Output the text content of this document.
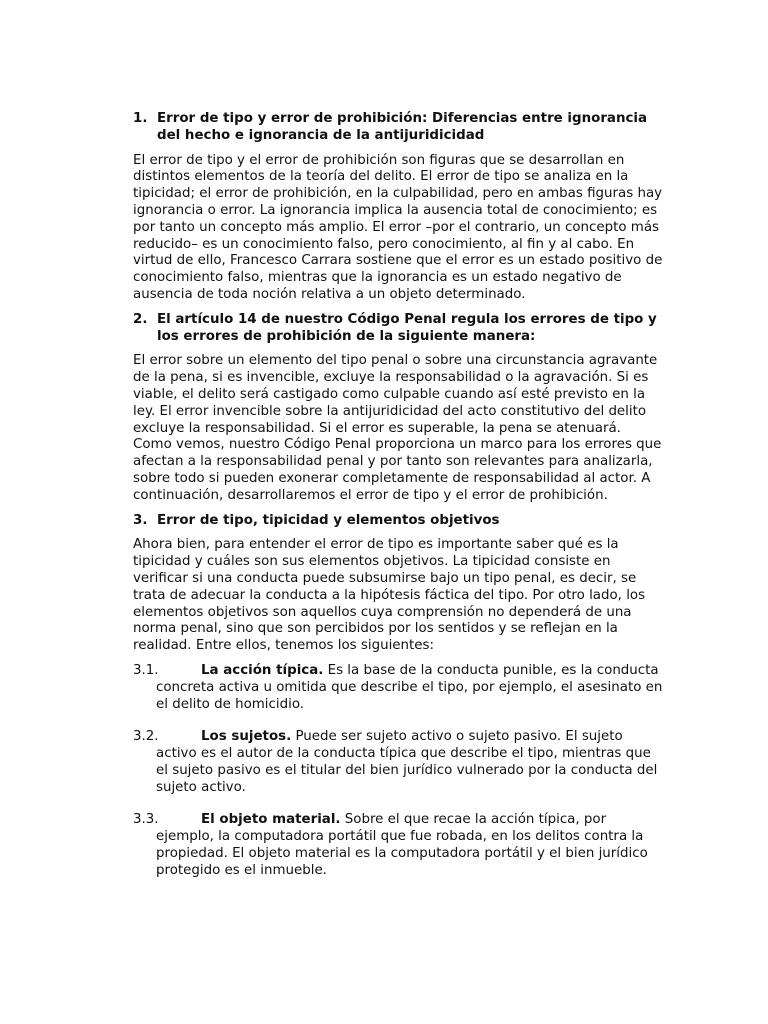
1. Error de tipo y error de prohibición: Diferencias entre ignorancia del hecho e ignorancia de la antijuridicidad

El error de tipo y el error de prohibición son figuras que se desarrollan en distintos elementos de la teoría del delito. El error de tipo se analiza en la tipicidad; el error de prohibición, en la culpabilidad, pero en ambas figuras hay ignorancia o error. La ignorancia implica la ausencia total de conocimiento; es por tanto un concepto más amplio. El error –por el contrario, un concepto más reducido– es un conocimiento falso, pero conocimiento, al fin y al cabo. En virtud de ello, Francesco Carrara sostiene que el error es un estado positivo de conocimiento falso, mientras que la ignorancia es un estado negativo de ausencia de toda noción relativa a un objeto determinado.

2. El artículo 14 de nuestro Código Penal regula los errores de tipo y los errores de prohibición de la siguiente manera:

El error sobre un elemento del tipo penal o sobre una circunstancia agravante de la pena, si es invencible, excluye la responsabilidad o la agravación. Si es viable, el delito será castigado como culpable cuando así esté previsto en la ley. El error invencible sobre la antijuridicidad del acto constitutivo del delito excluye la responsabilidad. Si el error es superable, la pena se atenuará. Como vemos, nuestro Código Penal proporciona un marco para los errores que afectan a la responsabilidad penal y por tanto son relevantes para analizarla, sobre todo si pueden exonerar completamente de responsabilidad al actor. A continuación, desarrollaremos el error de tipo y el error de prohibición.

3. Error de tipo, tipicidad y elementos objetivos

Ahora bien, para entender el error de tipo es importante saber qué es la tipicidad y cuáles son sus elementos objetivos. La tipicidad consiste en verificar si una conducta puede subsumirse bajo un tipo penal, es decir, se trata de adecuar la conducta a la hipótesis fáctica del tipo. Por otro lado, los elementos objetivos son aquellos cuya comprensión no dependerá de una norma penal, sino que son percibidos por los sentidos y se reflejan en la realidad. Entre ellos, tenemos los siguientes:

3.1.	La acción típica. Es la base de la conducta punible, es la conducta concreta activa u omitida que describe el tipo, por ejemplo, el asesinato en el delito de homicidio.

3.2.	Los sujetos. Puede ser sujeto activo o sujeto pasivo. El sujeto activo es el autor de la conducta típica que describe el tipo, mientras que el sujeto pasivo es el titular del bien jurídico vulnerado por la conducta del sujeto activo.

3.3.	El objeto material. Sobre el que recae la acción típica, por ejemplo, la computadora portátil que fue robada, en los delitos contra la propiedad. El objeto material es la computadora portátil y el bien jurídico protegido es el inmueble.
